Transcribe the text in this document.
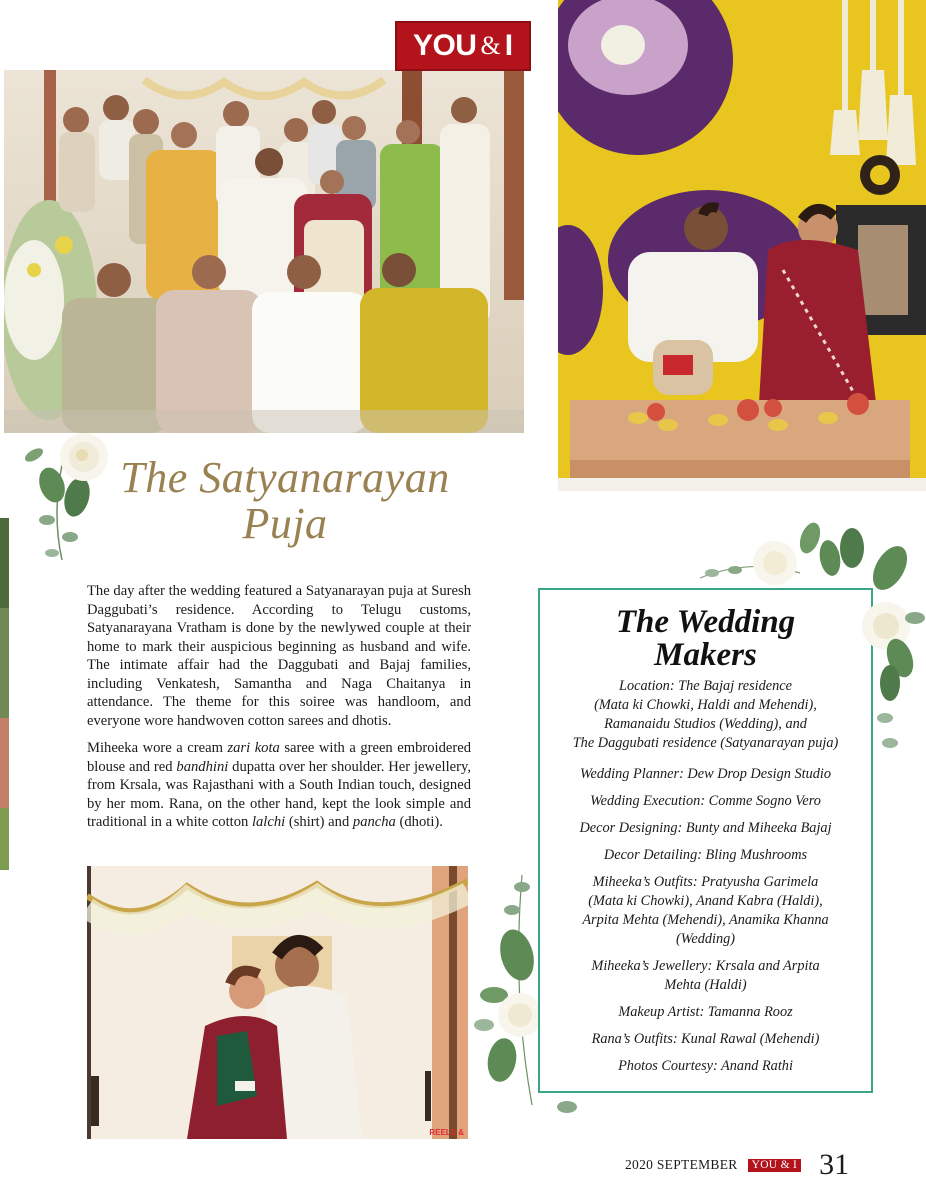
YOU & I
The Satyanarayan
Puja

The day after the wedding featured a Satyanarayan puja at Suresh Daggubati’s residence. According to Telugu customs, Satyanarayana Vratham is done by the newlywed couple at their home to mark their auspicious beginning as husband and wife. The intimate affair had the Daggubati and Bajaj families, including Venkatesh, Samantha and Naga Chaitanya in attendance. The theme for this soiree was handloom, and everyone wore handwoven cotton sarees and dhotis.

Miheeka wore a cream zari kota saree with a green embroidered blouse and red bandhini dupatta over her shoulder. Her jewellery, from Krsala, was Rajasthani with a South Indian touch, designed by her mom. Rana, on the other hand, kept the look simple and traditional in a white cotton lalchi (shirt) and pancha (dhoti).

REELS &
The Wedding
Makers
Location: The Bajaj residence
(Mata ki Chowki, Haldi and Mehendi),
Ramanaidu Studios (Wedding), and
The Daggubati residence (Satyanarayan puja)
Wedding Planner: Dew Drop Design Studio
Wedding Execution: Comme Sogno Vero
Decor Designing: Bunty and Miheeka Bajaj
Decor Detailing: Bling Mushrooms
Miheeka’s Outfits: Pratyusha Garimela (Mata ki Chowki), Anand Kabra (Haldi), Arpita Mehta (Mehendi), Anamika Khanna (Wedding)
Miheeka’s Jewellery: Krsala and Arpita Mehta (Haldi)
Makeup Artist: Tamanna Rooz
Rana’s Outfits: Kunal Rawal (Mehendi)
Photos Courtesy: Anand Rathi
2020 SEPTEMBER	YOU & I 31
